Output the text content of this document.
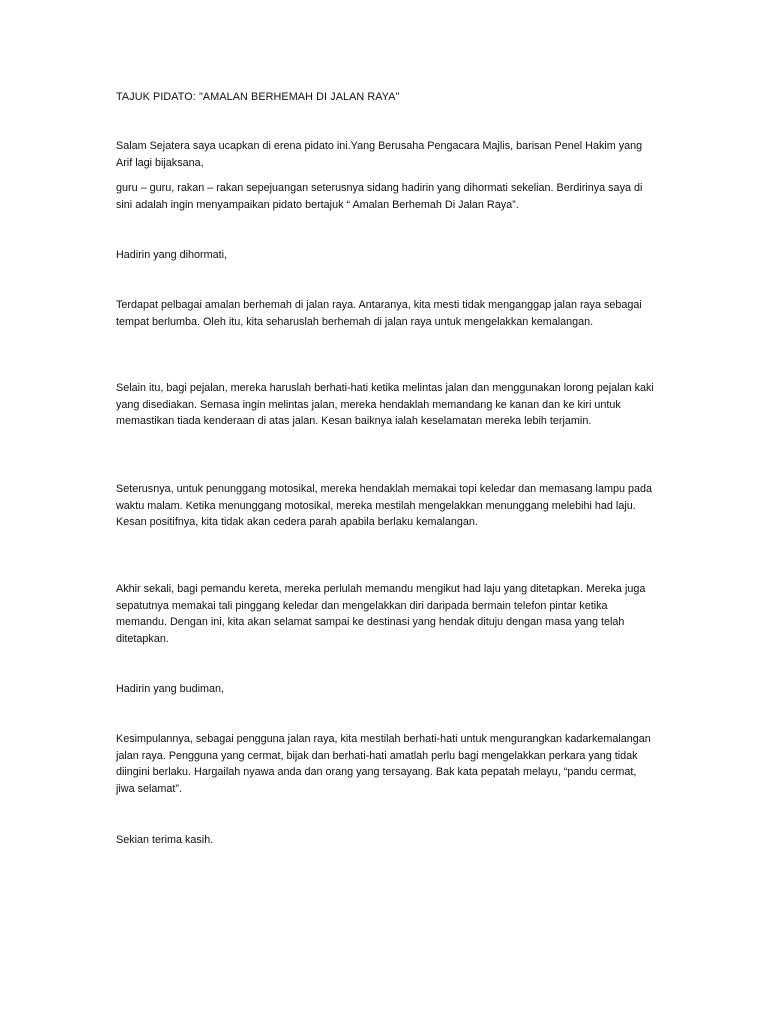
TAJUK PIDATO: "AMALAN BERHEMAH DI JALAN RAYA"

Salam Sejatera saya ucapkan di erena pidato ini.Yang Berusaha Pengacara Majlis, barisan Penel Hakim yang Arif lagi bijaksana,

guru – guru, rakan – rakan sepejuangan seterusnya sidang hadirin yang dihormati sekelian. Berdirinya saya di sini adalah ingin menyampaikan pidato bertajuk “ Amalan Berhemah Di Jalan Raya”.

Hadirin yang dihormati,

Terdapat pelbagai amalan berhemah di jalan raya. Antaranya, kita mesti tidak menganggap jalan raya sebagai tempat berlumba. Oleh itu, kita seharuslah berhemah di jalan raya untuk mengelakkan kemalangan.

Selain itu, bagi pejalan, mereka haruslah berhati-hati ketika melintas jalan dan menggunakan lorong pejalan kaki yang disediakan. Semasa ingin melintas jalan, mereka hendaklah memandang ke kanan dan ke kiri untuk memastikan tiada kenderaan di atas jalan. Kesan baiknya ialah keselamatan mereka lebih terjamin.

Seterusnya, untuk penunggang motosikal, mereka hendaklah memakai topi keledar dan memasang lampu pada waktu malam. Ketika menunggang motosikal, mereka mestilah mengelakkan menunggang melebihi had laju. Kesan positifnya, kita tidak akan cedera parah apabila berlaku kemalangan.

Akhir sekali, bagi pemandu kereta, mereka perlulah memandu mengikut had laju yang ditetapkan. Mereka juga sepatutnya memakai tali pinggang keledar dan mengelakkan diri daripada bermain telefon pintar ketika memandu. Dengan ini, kita akan selamat sampai ke destinasi yang hendak dituju dengan masa yang telah ditetapkan.

Hadirin yang budiman,

Kesimpulannya, sebagai pengguna jalan raya, kita mestilah berhati-hati untuk mengurangkan kadarkemalangan jalan raya. Pengguna yang cermat, bijak dan berhati-hati amatlah perlu bagi mengelakkan perkara yang tidak diingini berlaku. Hargailah nyawa anda dan orang yang tersayang. Bak kata pepatah melayu, “pandu cermat, jiwa selamat”.

Sekian terima kasih.
